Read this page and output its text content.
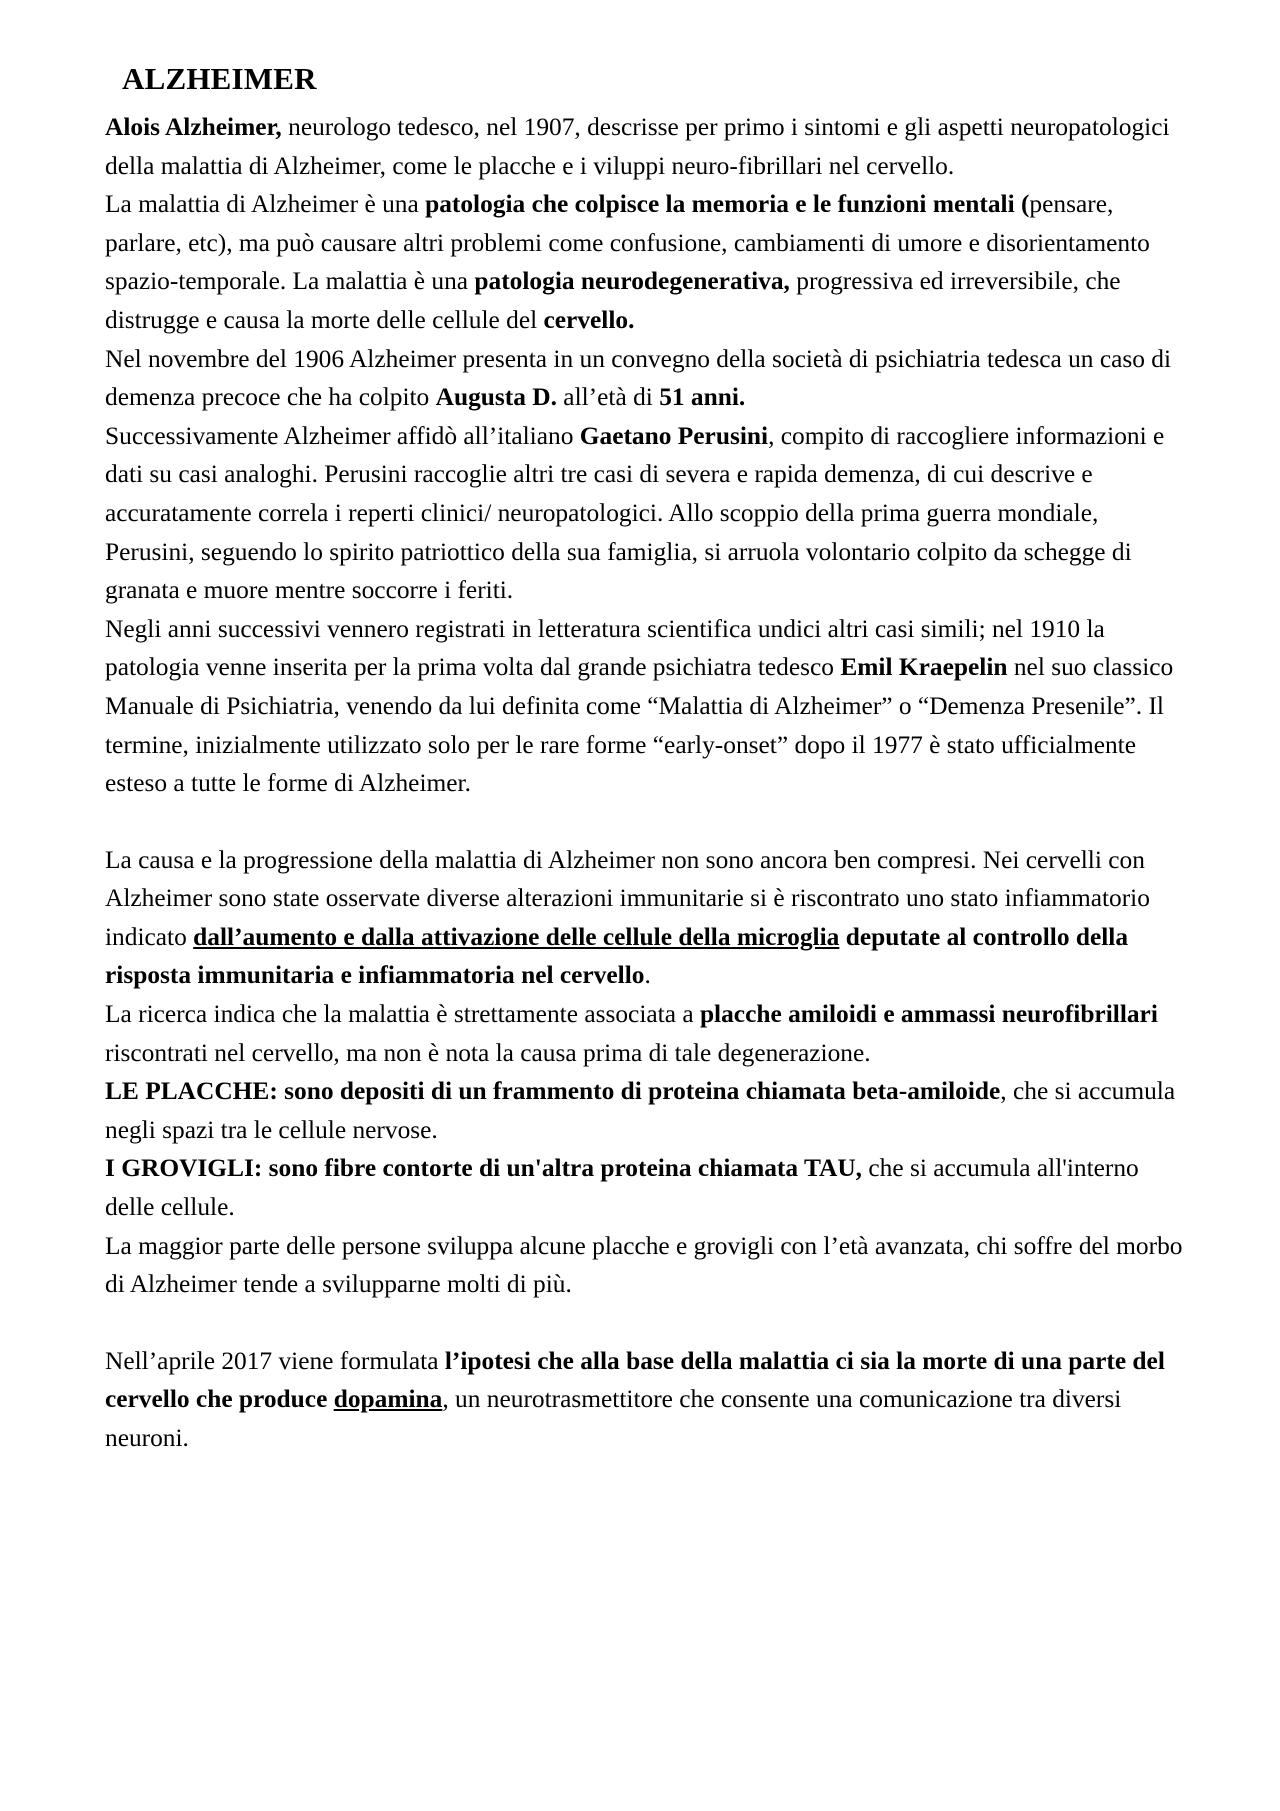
ALZHEIMER

Alois Alzheimer, neurologo tedesco, nel 1907, descrisse per primo i sintomi e gli aspetti neuropatologici della malattia di Alzheimer, come le placche e i viluppi neuro-fibrillari nel cervello.

La malattia di Alzheimer è una patologia che colpisce la memoria e le funzioni mentali (pensare, parlare, etc), ma può causare altri problemi come confusione, cambiamenti di umore e disorientamento spazio-temporale. La malattia è una patologia neurodegenerativa, progressiva ed irreversibile, che distrugge e causa la morte delle cellule del cervello.

Nel novembre del 1906 Alzheimer presenta in un convegno della società di psichiatria tedesca un caso di demenza precoce che ha colpito Augusta D. all’età di 51 anni.

Successivamente Alzheimer affidò all’italiano Gaetano Perusini, compito di raccogliere informazioni e dati su casi analoghi. Perusini raccoglie altri tre casi di severa e rapida demenza, di cui descrive e accuratamente correla i reperti clinici/ neuropatologici. Allo scoppio della prima guerra mondiale, Perusini, seguendo lo spirito patriottico della sua famiglia, si arruola volontario colpito da schegge di granata e muore mentre soccorre i feriti.

Negli anni successivi vennero registrati in letteratura scientifica undici altri casi simili; nel 1910 la patologia venne inserita per la prima volta dal grande psichiatra tedesco Emil Kraepelin nel suo classico Manuale di Psichiatria, venendo da lui definita come “Malattia di Alzheimer” o “Demenza Presenile”. Il termine, inizialmente utilizzato solo per le rare forme “early-onset” dopo il 1977 è stato ufficialmente esteso a tutte le forme di Alzheimer.

La causa e la progressione della malattia di Alzheimer non sono ancora ben compresi. Nei cervelli con Alzheimer sono state osservate diverse alterazioni immunitarie si è riscontrato uno stato infiammatorio indicato dall’aumento e dalla attivazione delle cellule della microglia deputate al controllo della risposta immunitaria e infiammatoria nel cervello.

La ricerca indica che la malattia è strettamente associata a placche amiloidi e ammassi neurofibrillari riscontrati nel cervello, ma non è nota la causa prima di tale degenerazione.

LE PLACCHE: sono depositi di un frammento di proteina chiamata beta-amiloide, che si accumula negli spazi tra le cellule nervose.

I GROVIGLI: sono fibre contorte di un'altra proteina chiamata TAU, che si accumula all'interno delle cellule.

La maggior parte delle persone sviluppa alcune placche e grovigli con l’età avanzata, chi soffre del morbo di Alzheimer tende a svilupparne molti di più.

Nell’aprile 2017 viene formulata l’ipotesi che alla base della malattia ci sia la morte di una parte del cervello che produce dopamina, un neurotrasmettitore che consente una comunicazione tra diversi neuroni.
